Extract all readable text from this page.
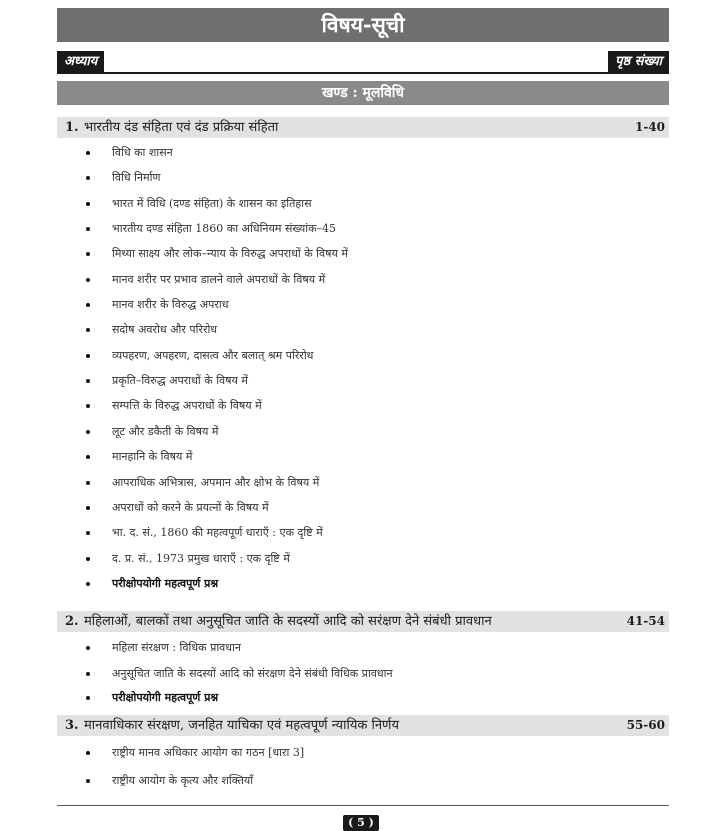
विषय-सूची
अध्याय	पृष्ठ संख्या
खण्ड : मूलविधि
1. भारतीय दंड संहिता एवं दंड प्रक्रिया संहिता	1-40
विधि का शासन
विधि निर्माण
भारत में विधि (दण्ड संहिता) के शासन का इतिहास
भारतीय दण्ड संहिता 1860 का अधिनियम संख्यांक–45
मिथ्या साक्ष्य और लोक–न्याय के विरुद्ध अपराधों के विषय में
मानव शरीर पर प्रभाव डालने वाले अपराधों के विषय में
मानव शरीर के विरुद्ध अपराध
सदोष अवरोध और परिरोध
व्यपहरण, अपहरण, दासत्व और बलात् श्रम परिरोध
प्रकृति–विरुद्ध अपराधों के विषय में
सम्पत्ति के विरुद्ध अपराधों के विषय में
लूट और डकैती के विषय में
मानहानि के विषय में
आपराधिक अभित्रास, अपमान और क्षोभ के विषय में
अपराधों को करने के प्रयत्नों के विषय में
भा. द. सं., 1860 की महत्वपूर्ण धाराएँ : एक दृष्टि में
द. प्र. सं., 1973 प्रमुख धाराएँ : एक दृष्टि में
परीक्षोपयोगी महत्वपूर्ण प्रश्न
2. महिलाओं, बालकों तथा अनुसूचित जाति के सदस्यों आदि को सरंक्षण देने संबंधी प्रावधान	41-54
महिला संरक्षण : विधिक प्रावधान
अनुसूचित जाति के सदस्यों आदि को संरक्षण देने संबंधी विधिक प्रावधान
परीक्षोपयोगी महत्वपूर्ण प्रश्न
3. मानवाधिकार संरक्षण, जनहित याचिका एवं महत्वपूर्ण न्यायिक निर्णय	55-60
राष्ट्रीय मानव अधिकार आयोग का गठन [धारा 3]
राष्ट्रीय आयोग के कृत्य और शक्तियाँ
( 5 )
